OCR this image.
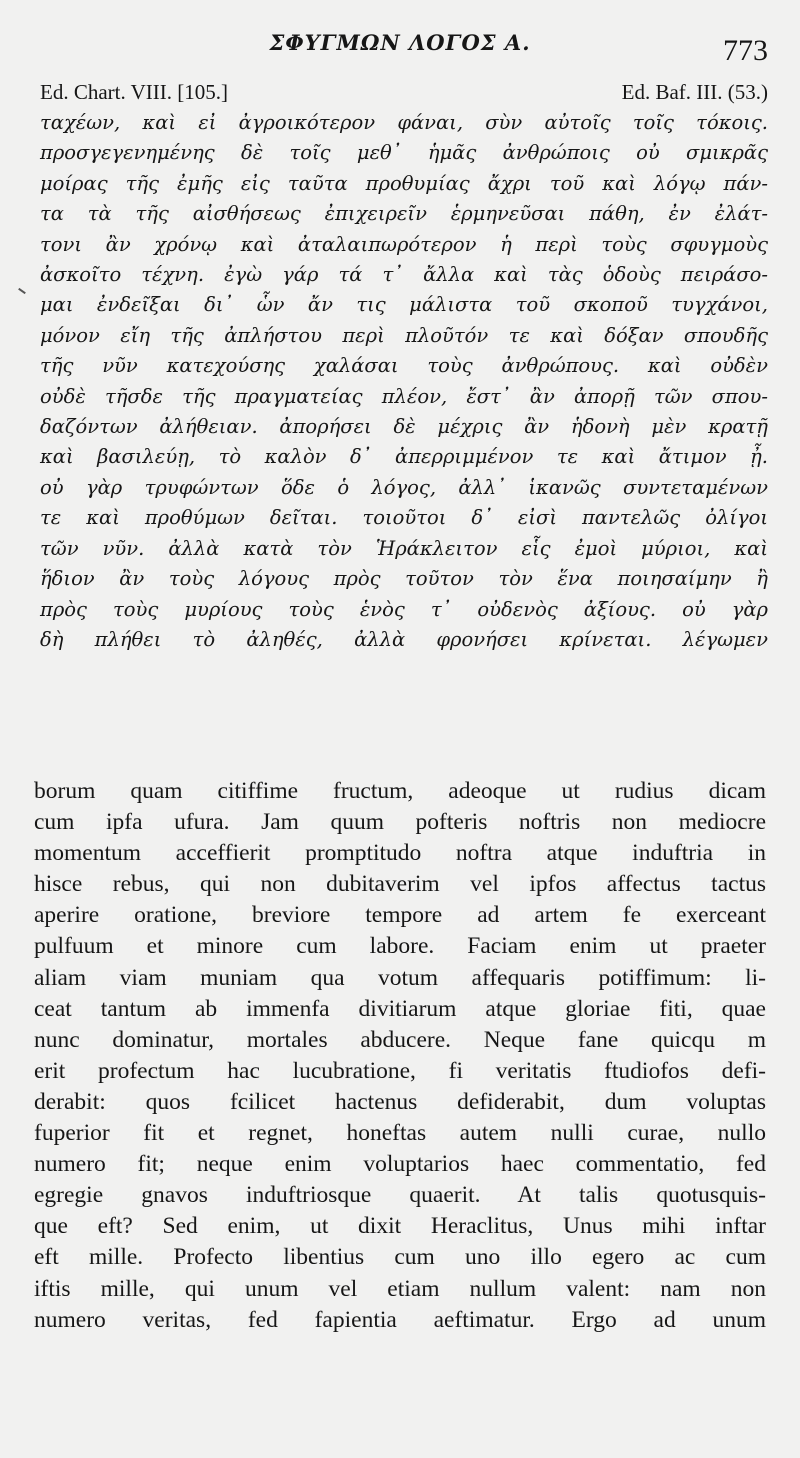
ΣΦΥΓΜΩΝ ΛΟΓΟΣ Α.	773
Ed. Chart. VIII. [105.]	Ed. Baf. III. (53.)
ταχέων, καὶ εἰ ἀγροικότερον φάναι, σὺν αὐτοῖς τοῖς τόκοις.
προσγεγενημένης δὲ τοῖς μεθ᾽ ἡμᾶς ἀνθρώποις οὐ σμικρᾶς
μοίρας τῆς ἐμῆς εἰς ταῦτα προθυμίας ἄχρι τοῦ καὶ λόγῳ πάν-
τα τὰ τῆς αἰσθήσεως ἐπιχειρεῖν ἑρμηνεῦσαι πάθη, ἐν ἐλάτ-
τονι ἂν χρόνῳ καὶ ἀταλαιπωρότερον ἡ περὶ τοὺς σφυγμοὺς
ἀσκοῖτο τέχνη. ἐγὼ γάρ τά τ᾽ ἄλλα καὶ τὰς ὁδοὺς πειράσο-
μαι ἐνδεῖξαι δι᾽ ὧν ἄν τις μάλιστα τοῦ σκοποῦ τυγχάνοι,
μόνον εἴη τῆς ἀπλήστου περὶ πλοῦτόν τε καὶ δόξαν σπουδῆς
τῆς νῦν κατεχούσης χαλάσαι τοὺς ἀνθρώπους. καὶ οὐδὲν
οὐδὲ τῆσδε τῆς πραγματείας πλέον, ἔστ᾽ ἂν ἀπορῇ τῶν σπου-
δαζόντων ἀλήθειαν. ἀπορήσει δὲ μέχρις ἂν ἡδονὴ μὲν κρατῇ
καὶ βασιλεύῃ, τὸ καλὸν δ᾽ ἀπερριμμένον τε καὶ ἄτιμον ᾖ.
οὐ γὰρ τρυφώντων ὅδε ὁ λόγος, ἀλλ᾽ ἱκανῶς συντεταμένων
τε καὶ προθύμων δεῖται. τοιοῦτοι δ᾽ εἰσὶ παντελῶς ὀλίγοι
τῶν νῦν. ἀλλὰ κατὰ τὸν Ἡράκλειτον εἷς ἐμοὶ μύριοι, καὶ
ἥδιον ἂν τοὺς λόγους πρὸς τοῦτον τὸν ἕνα ποιησαίμην ἢ
πρὸς τοὺς μυρίους τοὺς ἑνὸς τ᾽ οὐδενὸς ἀξίους. οὐ γὰρ
δὴ πλήθει τὸ ἀληθές, ἀλλὰ φρονήσει κρίνεται. λέγωμεν
borum quam citiffime fructum, adeoque ut rudius dicam
cum ipfa ufura. Jam quum pofteris noftris non mediocre
momentum acceffierit promptitudo noftra atque induftria in
hisce rebus, qui non dubitaverim vel ipfos affectus tactus
aperire oratione, breviore tempore ad artem fe exerceant
pulfuum et minore cum labore. Faciam enim ut praeter
aliam viam muniam qua votum affequaris potiffimum: li-
ceat tantum ab immenfa divitiarum atque gloriae fiti, quae
nunc dominatur, mortales abducere. Neque fane quicqu m
erit profectum hac lucubratione, fi veritatis ftudiofos defi-
derabit: quos fcilicet hactenus defiderabit, dum voluptas
fuperior fit et regnet, honeftas autem nulli curae, nullo
numero fit; neque enim voluptarios haec commentatio, fed
egregie gnavos induftriosque quaerit. At talis quotusquis-
que eft? Sed enim, ut dixit Heraclitus, Unus mihi inftar
eft mille. Profecto libentius cum uno illo egero ac cum
iftis mille, qui unum vel etiam nullum valent: nam non
numero veritas, fed fapientia aeftimatur. Ergo ad unum
